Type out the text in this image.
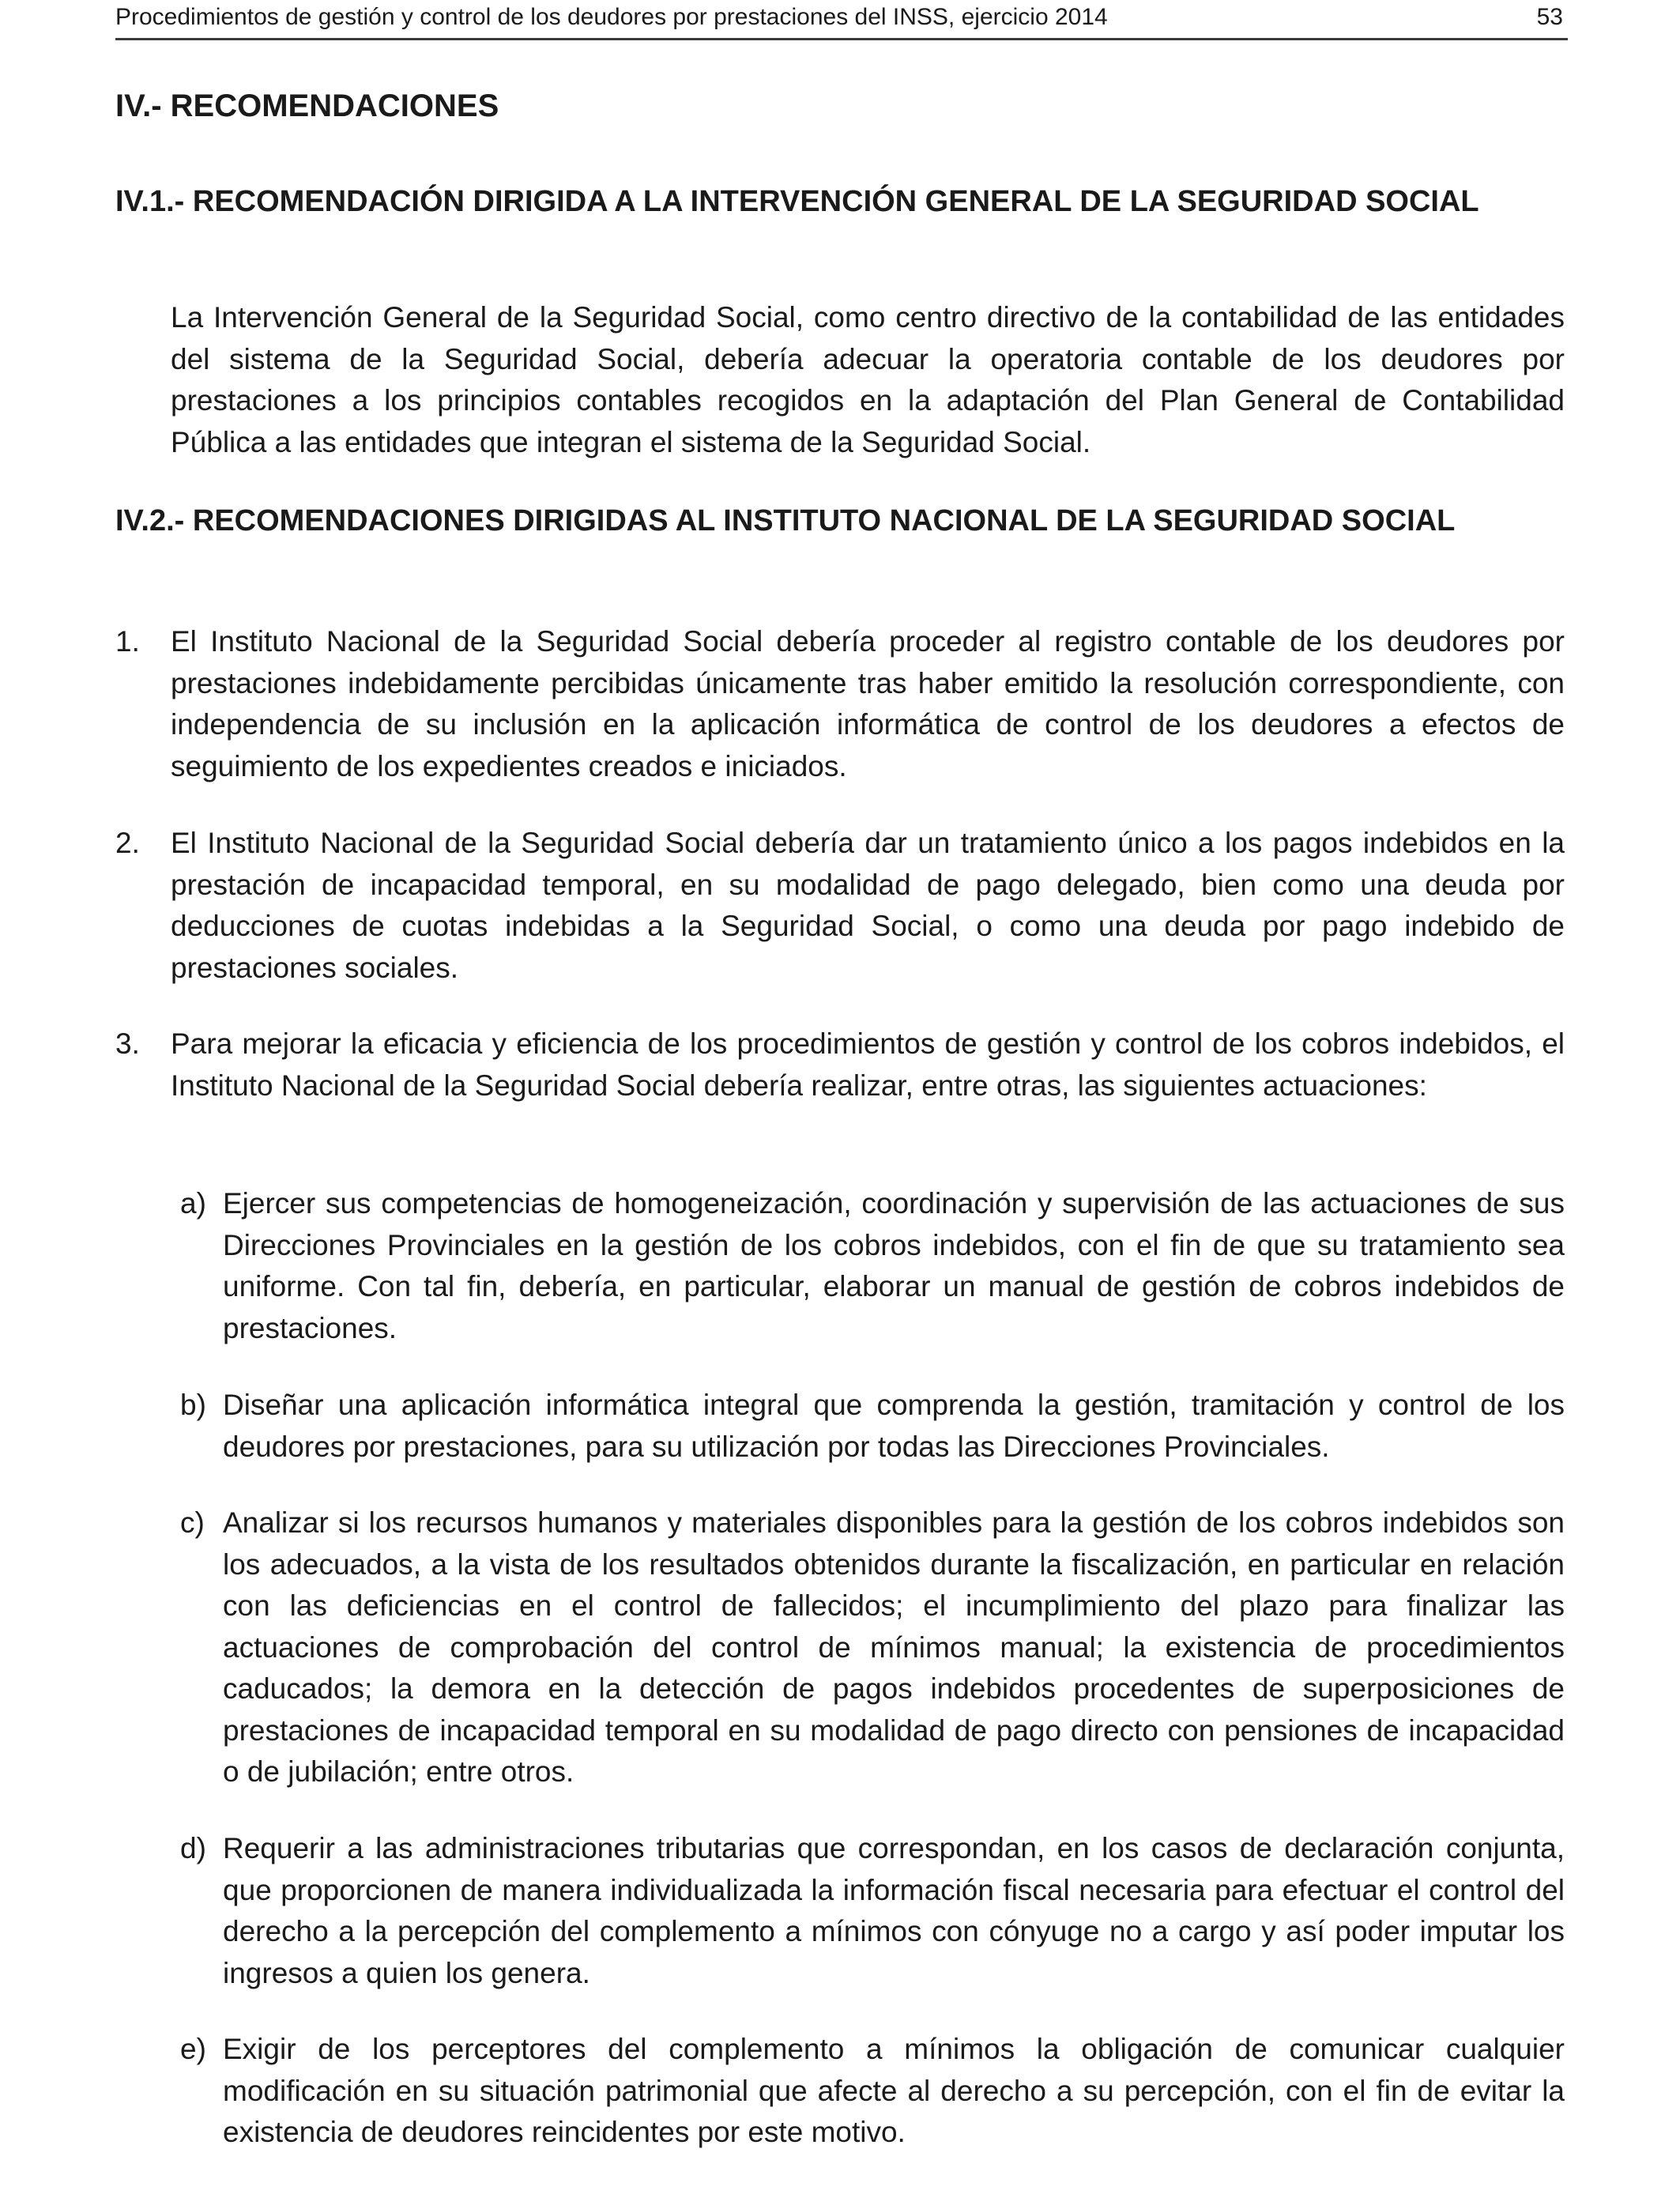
Procedimientos de gestión y control de los deudores por prestaciones del INSS, ejercicio 2014	53
IV.- RECOMENDACIONES
IV.1.- RECOMENDACIÓN DIRIGIDA A LA INTERVENCIÓN GENERAL DE LA SEGURIDAD SOCIAL

La Intervención General de la Seguridad Social, como centro directivo de la contabilidad de las entidades del sistema de la Seguridad Social, debería adecuar la operatoria contable de los deudores por prestaciones a los principios contables recogidos en la adaptación del Plan General de Contabilidad Pública a las entidades que integran el sistema de la Seguridad Social.

IV.2.- RECOMENDACIONES DIRIGIDAS AL INSTITUTO NACIONAL DE LA SEGURIDAD SOCIAL
1. El Instituto Nacional de la Seguridad Social debería proceder al registro contable de los deudores por prestaciones indebidamente percibidas únicamente tras haber emitido la resolución correspondiente, con independencia de su inclusión en la aplicación informática de control de los deudores a efectos de seguimiento de los expedientes creados e iniciados.

2. El Instituto Nacional de la Seguridad Social debería dar un tratamiento único a los pagos indebidos en la prestación de incapacidad temporal, en su modalidad de pago delegado, bien como una deuda por deducciones de cuotas indebidas a la Seguridad Social, o como una deuda por pago indebido de prestaciones sociales.

3. Para mejorar la eficacia y eficiencia de los procedimientos de gestión y control de los cobros indebidos, el Instituto Nacional de la Seguridad Social debería realizar, entre otras, las siguientes actuaciones:

a) Ejercer sus competencias de homogeneización, coordinación y supervisión de las actuaciones de sus Direcciones Provinciales en la gestión de los cobros indebidos, con el fin de que su tratamiento sea uniforme. Con tal fin, debería, en particular, elaborar un manual de gestión de cobros indebidos de prestaciones.

b) Diseñar una aplicación informática integral que comprenda la gestión, tramitación y control de los deudores por prestaciones, para su utilización por todas las Direcciones Provinciales.

c) Analizar si los recursos humanos y materiales disponibles para la gestión de los cobros indebidos son los adecuados, a la vista de los resultados obtenidos durante la fiscalización, en particular en relación con las deficiencias en el control de fallecidos; el incumplimiento del plazo para finalizar las actuaciones de comprobación del control de mínimos manual; la existencia de procedimientos caducados; la demora en la detección de pagos indebidos procedentes de superposiciones de prestaciones de incapacidad temporal en su modalidad de pago directo con pensiones de incapacidad o de jubilación; entre otros.

d) Requerir a las administraciones tributarias que correspondan, en los casos de declaración conjunta, que proporcionen de manera individualizada la información fiscal necesaria para efectuar el control del derecho a la percepción del complemento a mínimos con cónyuge no a cargo y así poder imputar los ingresos a quien los genera.

e) Exigir de los perceptores del complemento a mínimos la obligación de comunicar cualquier modificación en su situación patrimonial que afecte al derecho a su percepción, con el fin de evitar la existencia de deudores reincidentes por este motivo.
